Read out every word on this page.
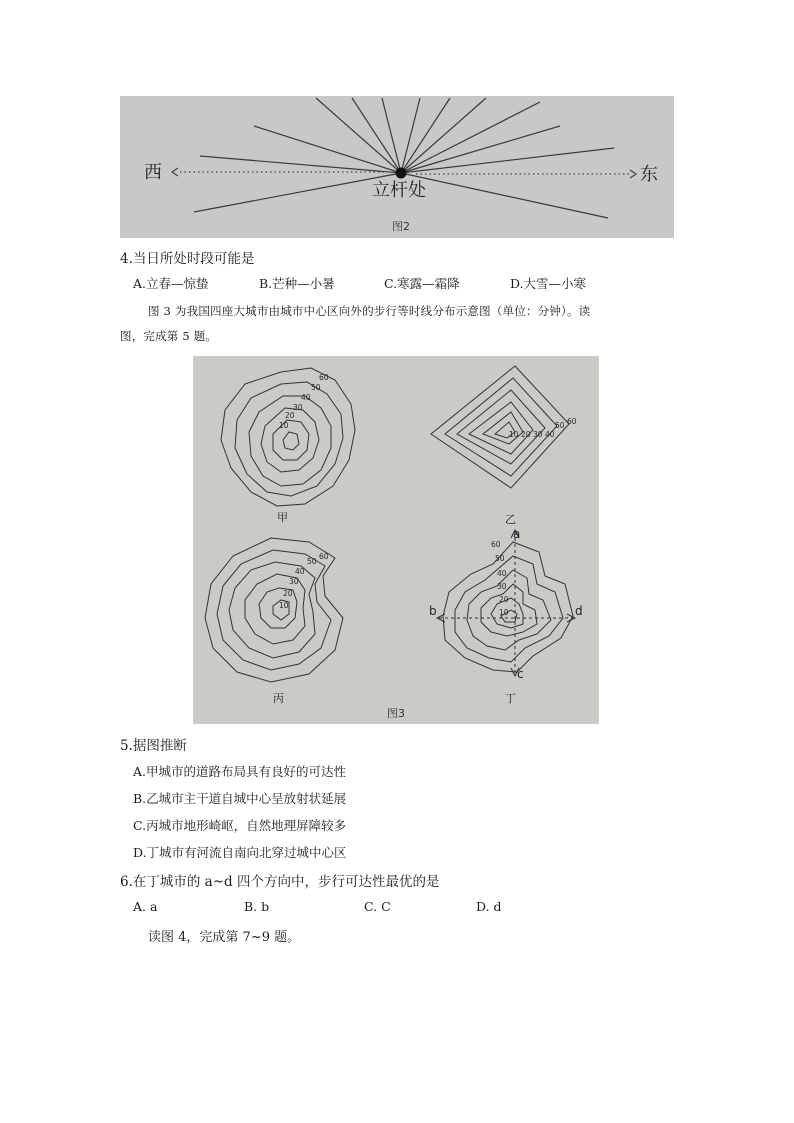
西	东
立杆处
图2
4.当日所处时段可能是
A.立春—惊蛰	B.芒种—小暑	C.寒露—霜降	D.大雪—小寒
图 3 为我国四座大城市由城市中心区向外的步行等时线分布示意图（单位：分钟）。读
图，完成第 5 题。
60
50
40
30
20
10
甲
10 20 30 40
50 60
乙
60
50
40
30
20
10
丙
a
b
c
d
60
50
40
30
20
10
丁
图3
5.据图推断
A.甲城市的道路布局具有良好的可达性
B.乙城市主干道自城中心呈放射状延展
C.丙城市地形崎岖，自然地理屏障较多
D.丁城市有河流自南向北穿过城中心区
6.在丁城市的 a~d 四个方向中，步行可达性最优的是
A. a	B. b	C. C	D. d
读图 4，完成第 7~9 题。
